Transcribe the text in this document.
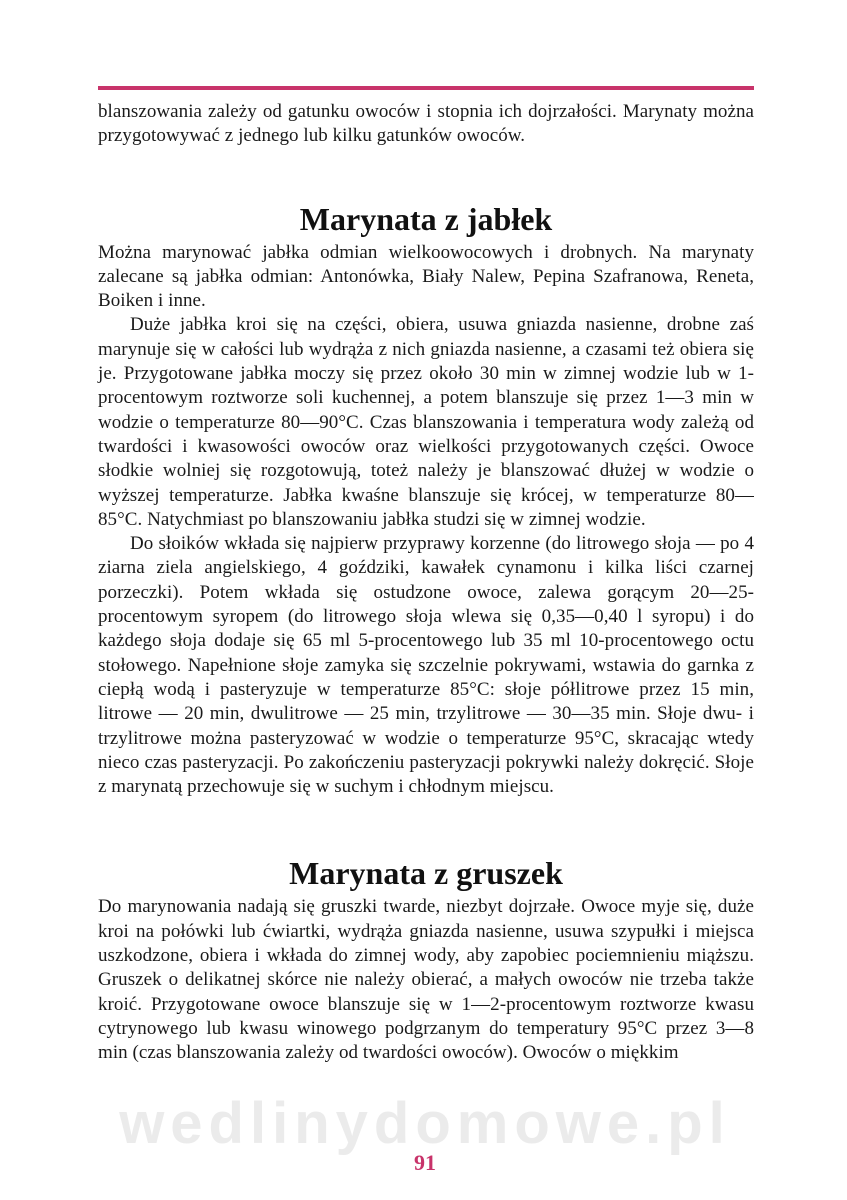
blanszowania zależy od gatunku owoców i stopnia ich dojrzałości. Marynaty można przygotowywać z jednego lub kilku gatunków owoców.

Marynata z jabłek

Można marynować jabłka odmian wielkoowocowych i drobnych. Na marynaty zalecane są jabłka odmian: Antonówka, Biały Nalew, Pepina Szafranowa, Reneta, Boiken i inne.

Duże jabłka kroi się na części, obiera, usuwa gniazda nasienne, drobne zaś marynuje się w całości lub wydrąża z nich gniazda nasienne, a czasami też obiera się je. Przygotowane jabłka moczy się przez około 30 min w zimnej wodzie lub w 1-procentowym roztworze soli kuchennej, a potem blanszuje się przez 1—3 min w wodzie o temperaturze 80—90°C. Czas blanszowania i temperatura wody zależą od twardości i kwasowości owoców oraz wielkości przygotowanych części. Owoce słodkie wolniej się rozgotowują, toteż należy je blanszować dłużej w wodzie o wyższej temperaturze. Jabłka kwaśne blanszuje się krócej, w temperaturze 80—85°C. Natychmiast po blanszowaniu jabłka studzi się w zimnej wodzie.

Do słoików wkłada się najpierw przyprawy korzenne (do litrowego słoja — po 4 ziarna ziela angielskiego, 4 goździki, kawałek cynamonu i kilka liści czarnej porzeczki). Potem wkłada się ostudzone owoce, zalewa gorącym 20—25-procentowym syropem (do litrowego słoja wlewa się 0,35—0,40 l syropu) i do każdego słoja dodaje się 65 ml 5-procentowego lub 35 ml 10-procentowego octu stołowego. Napełnione słoje zamyka się szczelnie pokrywami, wstawia do garnka z ciepłą wodą i pasteryzuje w temperaturze 85°C: słoje półlitrowe przez 15 min, litrowe — 20 min, dwulitrowe — 25 min, trzylitrowe — 30—35 min. Słoje dwu- i trzylitrowe można pasteryzować w wodzie o temperaturze 95°C, skracając wtedy nieco czas pasteryzacji. Po zakończeniu pasteryzacji pokrywki należy dokręcić. Słoje z marynatą przechowuje się w suchym i chłodnym miejscu.

Marynata z gruszek

Do marynowania nadają się gruszki twarde, niezbyt dojrzałe. Owoce myje się, duże kroi na połówki lub ćwiartki, wydrąża gniazda nasienne, usuwa szypułki i miejsca uszkodzone, obiera i wkłada do zimnej wody, aby zapobiec pociemnieniu miąższu. Gruszek o delikatnej skórce nie należy obierać, a małych owoców nie trzeba także kroić. Przygotowane owoce blanszuje się w 1—2-procentowym roztworze kwasu cytrynowego lub kwasu winowego podgrzanym do temperatury 95°C przez 3—8 min (czas blanszowania zależy od twardości owoców). Owoców o miękkim

wedlinydomowe.pl
91
